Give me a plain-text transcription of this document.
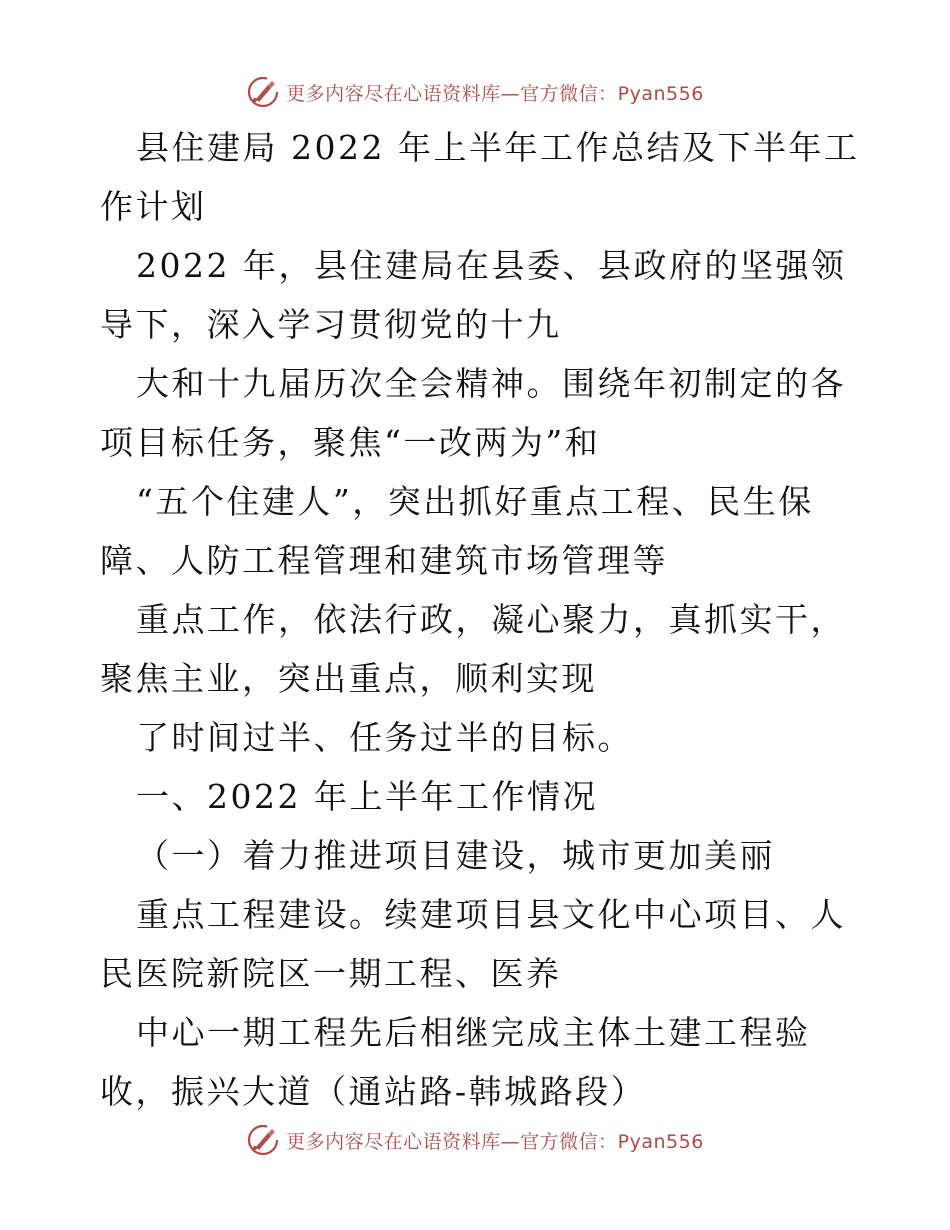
更多内容尽在心语资料库—官方微信：Pyan556

县住建局 2022 年上半年工作总结及下半年工作计划

2022 年，县住建局在县委、县政府的坚强领导下，深入学习贯彻党的十九

大和十九届历次全会精神。围绕年初制定的各项目标任务，聚焦“一改两为”和

“五个住建人”，突出抓好重点工程、民生保障、人防工程管理和建筑市场管理等

重点工作，依法行政，凝心聚力，真抓实干，聚焦主业，突出重点，顺利实现

了时间过半、任务过半的目标。

一、2022 年上半年工作情况

（一）着力推进项目建设，城市更加美丽

重点工程建设。续建项目县文化中心项目、人民医院新院区一期工程、医养

中心一期工程先后相继完成主体土建工程验收，振兴大道（通站路-韩城路段）

更多内容尽在心语资料库—官方微信：Pyan556
